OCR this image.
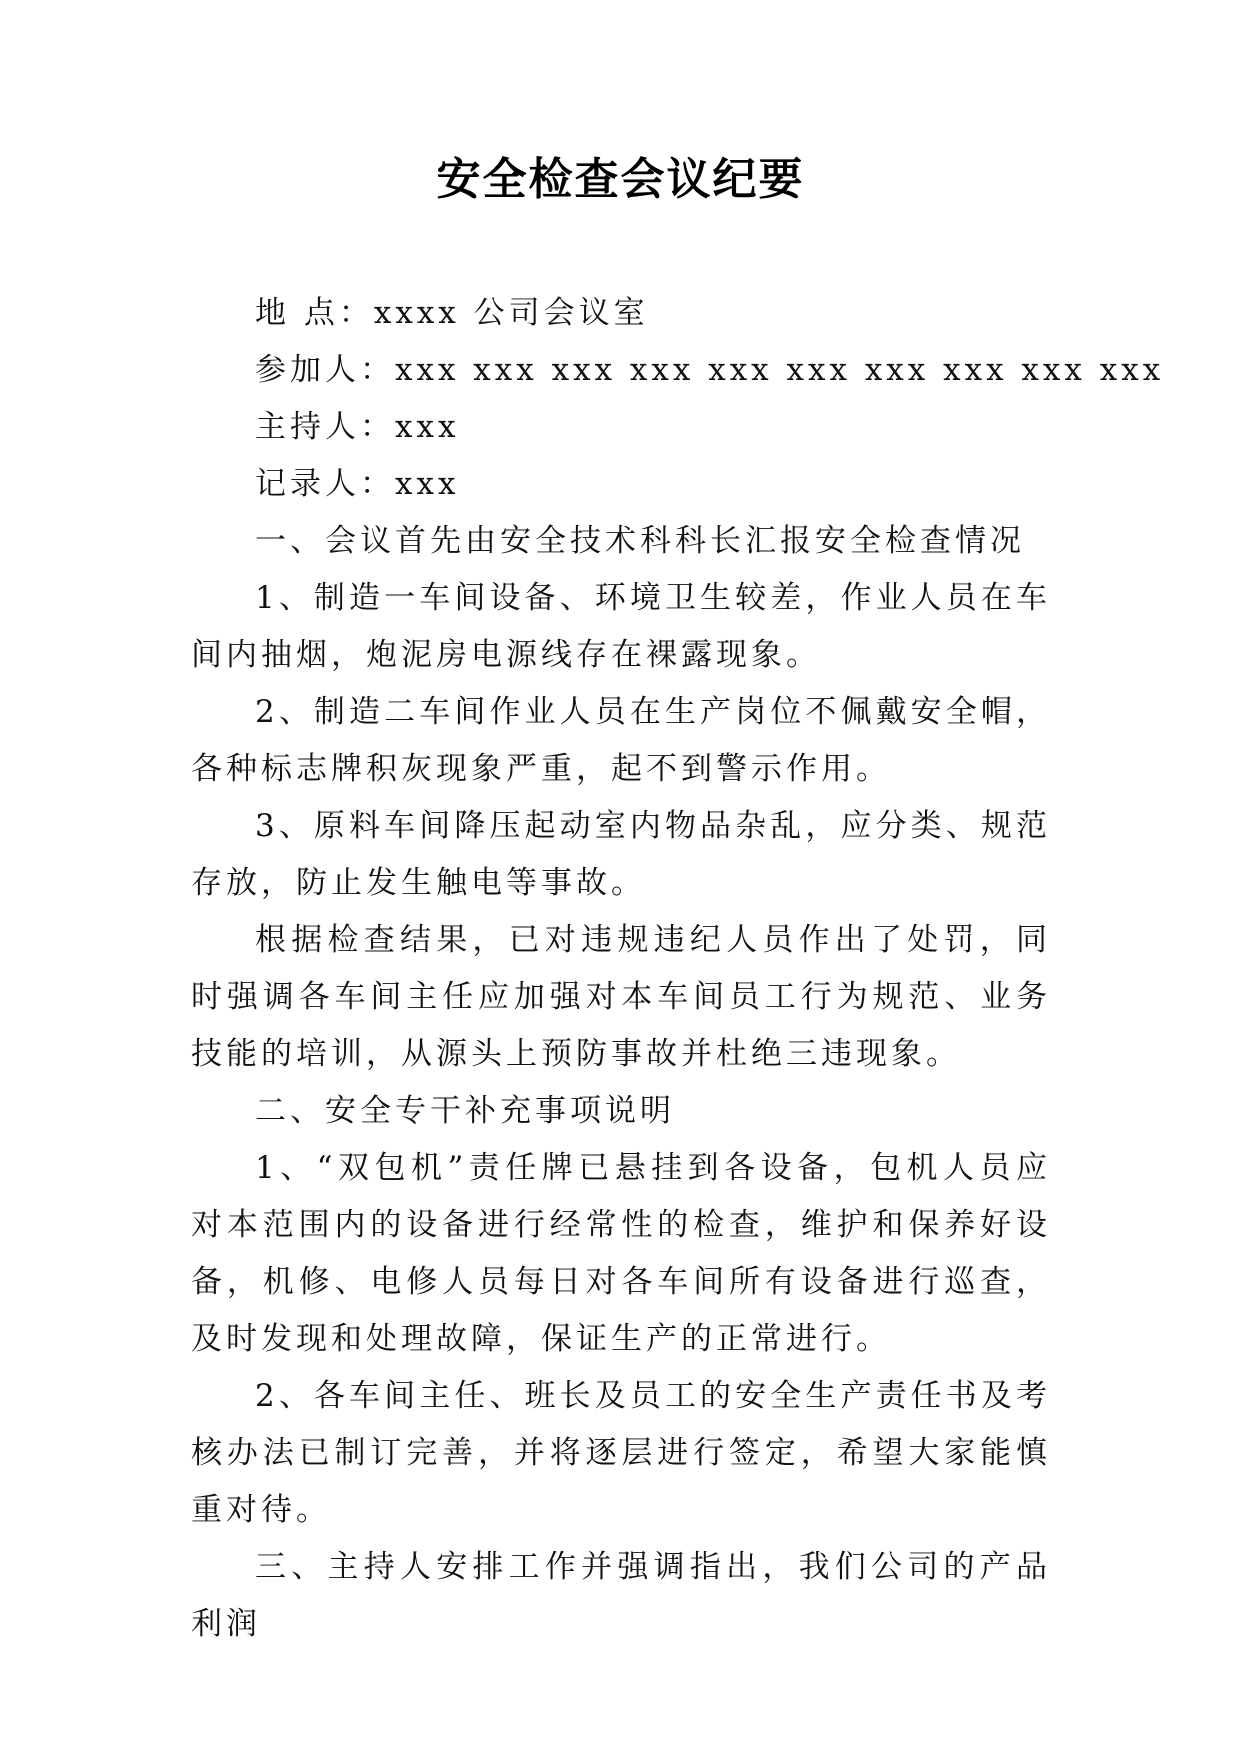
安全检查会议纪要

地 点：xxxx 公司会议室

参加人：xxx xxx xxx xxx xxx xxx xxx xxx xxx xxx

主持人：xxx

记录人：xxx

一、会议首先由安全技术科科长汇报安全检查情况

1、制造一车间设备、环境卫生较差，作业人员在车间内抽烟，炮泥房电源线存在裸露现象。

2、制造二车间作业人员在生产岗位不佩戴安全帽，各种标志牌积灰现象严重，起不到警示作用。

3、原料车间降压起动室内物品杂乱，应分类、规范存放，防止发生触电等事故。

根据检查结果，已对违规违纪人员作出了处罚，同时强调各车间主任应加强对本车间员工行为规范、业务技能的培训，从源头上预防事故并杜绝三违现象。

二、安全专干补充事项说明

1、“双包机”责任牌已悬挂到各设备，包机人员应对本范围内的设备进行经常性的检查，维护和保养好设备，机修、电修人员每日对各车间所有设备进行巡查，及时发现和处理故障，保证生产的正常进行。

2、各车间主任、班长及员工的安全生产责任书及考核办法已制订完善，并将逐层进行签定，希望大家能慎重对待。

三、主持人安排工作并强调指出，我们公司的产品利润
